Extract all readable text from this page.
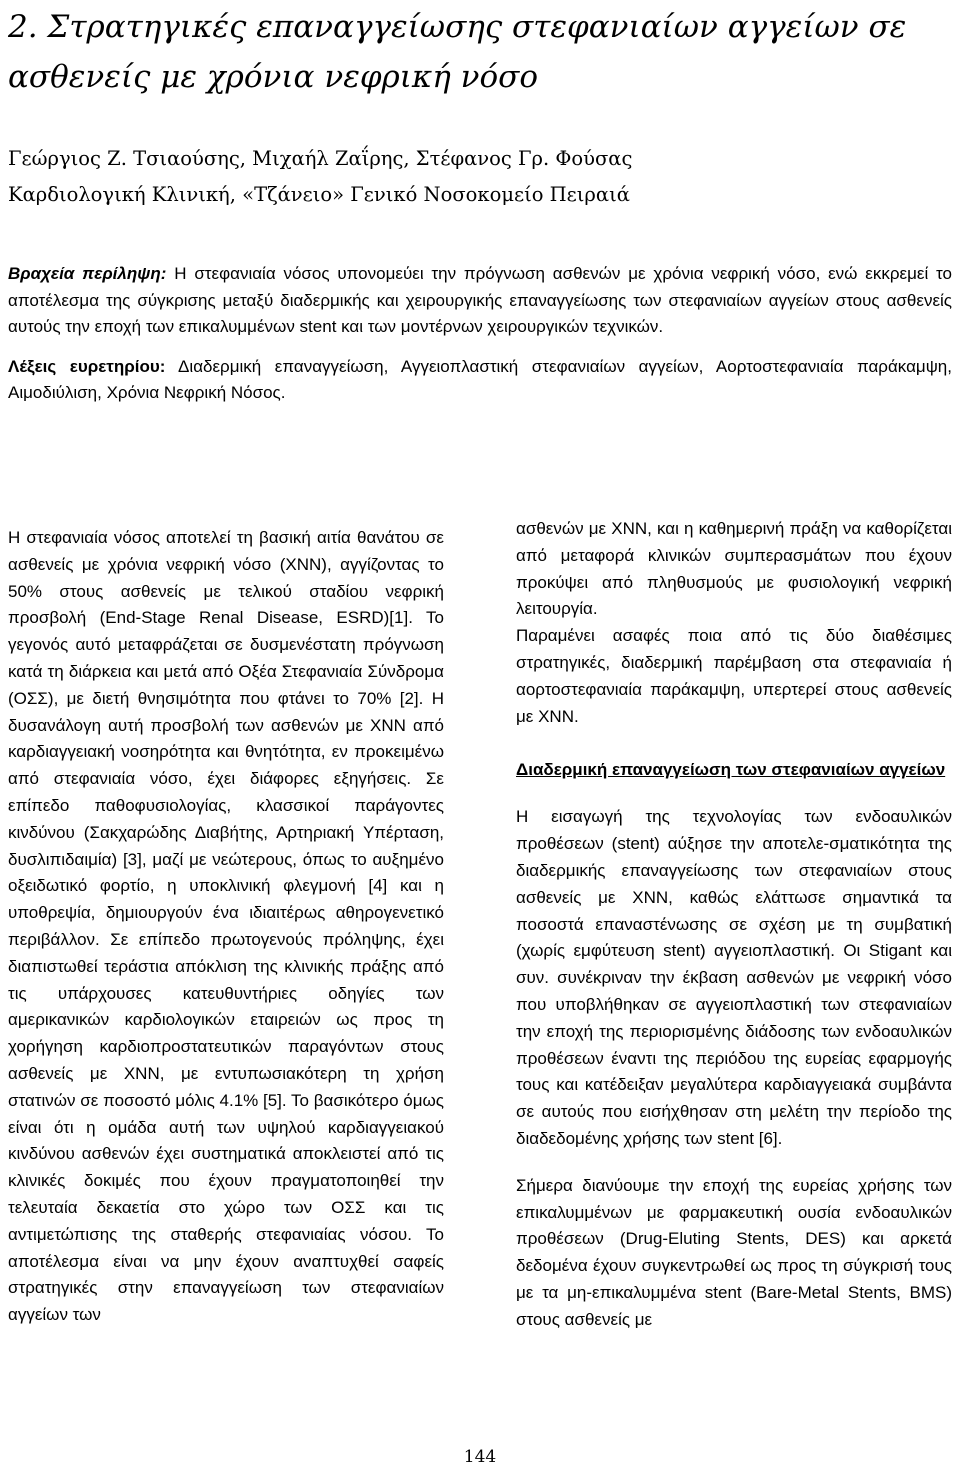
2. Στρατηγικές επαναγγείωσης στεφανιαίων αγγείων σε ασθενείς με χρόνια νεφρική νόσο
Γεώργιος Ζ. Τσιαούσης, Μιχαήλ Ζαΐρης, Στέφανος Γρ. Φούσας
Καρδιολογική Κλινική, «Τζάνειο» Γενικό Νοσοκομείο Πειραιά

Βραχεία περίληψη: Η στεφανιαία νόσος υπονομεύει την πρόγνωση ασθενών με χρόνια νεφρική νόσο, ενώ εκκρεμεί το αποτέλεσμα της σύγκρισης μεταξύ διαδερμικής και χειρουργικής επαναγγείωσης των στεφανιαίων αγγείων στους ασθενείς αυτούς την εποχή των επικαλυμμένων stent και των μοντέρνων χειρουργικών τεχνικών.

Λέξεις ευρετηρίου: Διαδερμική επαναγγείωση, Αγγειοπλαστική στεφανιαίων αγγείων, Αορτοστεφανιαία παράκαμψη, Αιμοδιύλιση, Χρόνια Νεφρική Νόσος.

Η στεφανιαία νόσος αποτελεί τη βασική αιτία θανάτου σε ασθενείς με χρόνια νεφρική νόσο (ΧΝΝ), αγγίζοντας το 50% στους ασθενείς με τελικού σταδίου νεφρική προσβολή (End-Stage Renal Disease, ESRD)[1]. Το γεγονός αυτό μεταφράζεται σε δυσμενέστατη πρόγνωση κατά τη διάρκεια και μετά από Οξέα Στεφανιαία Σύνδρομα (ΟΣΣ), με διετή θνησιμότητα που φτάνει το 70% [2]. Η δυσανάλογη αυτή προσβολή των ασθενών με ΧΝΝ από καρδιαγγειακή νοσηρότητα και θνητότητα, εν προκειμένω από στεφανιαία νόσο, έχει διάφορες εξηγήσεις. Σε επίπεδο παθοφυσιολογίας, κλασσικοί παράγοντες κινδύνου (Σακχαρώδης Διαβήτης, Αρτηριακή Υπέρταση, δυσλιπιδαιμία) [3], μαζί με νεώτερους, όπως το αυξημένο οξειδωτικό φορτίο, η υποκλινική φλεγμονή [4] και η υποθρεψία, δημιουργούν ένα ιδιαιτέρως αθηρογενετικό περιβάλλον. Σε επίπεδο πρωτογενούς πρόληψης, έχει διαπιστωθεί τεράστια απόκλιση της κλινικής πράξης από τις υπάρχουσες κατευθυντήριες οδηγίες των αμερικανικών καρδιολογικών εταιρειών ως προς τη χορήγηση καρδιοπροστατευτικών παραγόντων στους ασθενείς με ΧΝΝ, με εντυπωσιακότερη τη χρήση στατινών σε ποσοστό μόλις 4.1% [5]. Το βασικότερο όμως είναι ότι η ομάδα αυτή των υψηλού καρδιαγγειακού κινδύνου ασθενών έχει συστηματικά αποκλειστεί από τις κλινικές δοκιμές που έχουν πραγματοποιηθεί την τελευταία δεκαετία στο χώρο των ΟΣΣ και τις αντιμετώπισης της σταθερής στεφανιαίας νόσου. Το αποτέλεσμα είναι να μην έχουν αναπτυχθεί σαφείς στρατηγικές στην επαναγγείωση των στεφανιαίων αγγείων των

ασθενών με ΧΝΝ, και η καθημερινή πράξη να καθορίζεται από μεταφορά κλινικών συμπερασμάτων που έχουν προκύψει από πληθυσμούς με φυσιολογική νεφρική λειτουργία.

Παραμένει ασαφές ποια από τις δύο διαθέσιμες στρατηγικές, διαδερμική παρέμβαση στα στεφανιαία ή αορτοστεφανιαία παράκαμψη, υπερτερεί στους ασθενείς με ΧΝΝ.

Διαδερμική επαναγγείωση των στεφανιαίων αγγείων

Η εισαγωγή της τεχνολογίας των ενδοαυλικών προθέσεων (stent) αύξησε την αποτελε-σματικότητα της διαδερμικής επαναγγείωσης των στεφανιαίων στους ασθενείς με ΧΝΝ, καθώς ελάττωσε σημαντικά τα ποσοστά επαναστένωσης σε σχέση με τη συμβατική (χωρίς εμφύτευση stent) αγγειοπλαστική. Οι Stigant και συν. συνέκριναν την έκβαση ασθενών με νεφρική νόσο που υποβλήθηκαν σε αγγειοπλαστική των στεφανιαίων την εποχή της περιορισμένης διάδοσης των ενδοαυλικών προθέσεων έναντι της περιόδου της ευρείας εφαρμογής τους και κατέδειξαν μεγαλύτερα καρδιαγγειακά συμβάντα σε αυτούς που εισήχθησαν στη μελέτη την περίοδο της διαδεδομένης χρήσης των stent [6].

Σήμερα διανύουμε την εποχή της ευρείας χρήσης των επικαλυμμένων με φαρμακευτική ουσία ενδοαυλικών προθέσεων (Drug-Eluting Stents, DES) και αρκετά δεδομένα έχουν συγκεντρωθεί ως προς τη σύγκρισή τους με τα μη-επικαλυμμένα stent (Bare-Metal Stents, BMS) στους ασθενείς με

144
